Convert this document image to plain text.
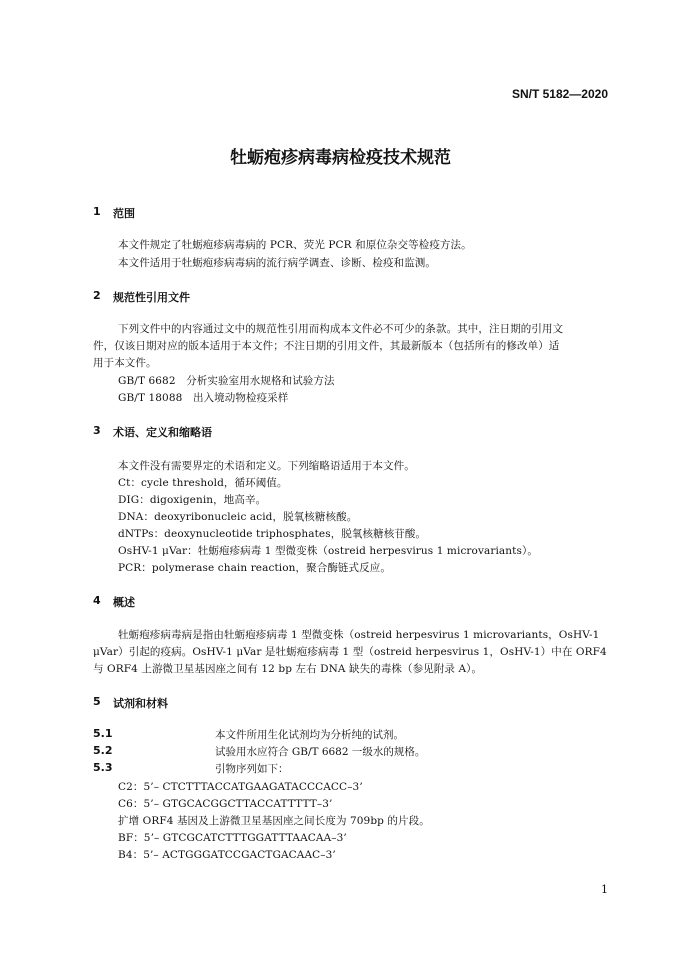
SN/T 5182—2020
牡蛎疱疹病毒病检疫技术规范
1 范围
本文件规定了牡蛎疱疹病毒病的 PCR、荧光 PCR 和原位杂交等检疫方法。
本文件适用于牡蛎疱疹病毒病的流行病学调查、诊断、检疫和监测。
2 规范性引用文件
下列文件中的内容通过文中的规范性引用而构成本文件必不可少的条款。其中，注日期的引用文
件，仅该日期对应的版本适用于本文件；不注日期的引用文件，其最新版本（包括所有的修改单）适
用于本文件。
GB/T 6682　分析实验室用水规格和试验方法
GB/T 18088　出入境动物检疫采样
3 术语、定义和缩略语
本文件没有需要界定的术语和定义。下列缩略语适用于本文件。
Ct：cycle threshold，循环阈值。
DIG：digoxigenin，地高辛。
DNA：deoxyribonucleic acid，脱氧核糖核酸。
dNTPs：deoxynucleotide triphosphates，脱氧核糖核苷酸。
OsHV-1 μVar：牡蛎疱疹病毒 1 型微变株（ostreid herpesvirus 1 microvariants）。
PCR：polymerase chain reaction，聚合酶链式反应。
4 概述
牡蛎疱疹病毒病是指由牡蛎疱疹病毒 1 型微变株（ostreid herpesvirus 1 microvariants，OsHV-1
μVar）引起的疫病。OsHV-1 μVar 是牡蛎疱疹病毒 1 型（ostreid herpesvirus 1，OsHV-1）中在 ORF4
与 ORF4 上游微卫星基因座之间有 12 bp 左右 DNA 缺失的毒株（参见附录 A）。
5 试剂和材料
5.1	本文件所用生化试剂均为分析纯的试剂。
5.2	试验用水应符合 GB/T 6682 一级水的规格。
5.3	引物序列如下：
C2：5’– CTCTTTACCATGAAGATACCCACC–3’
C6：5’– GTGCACGGCTTACCATTTTT–3’
扩增 ORF4 基因及上游微卫星基因座之间长度为 709bp 的片段。
BF：5’– GTCGCATCTTTGGATTTAACAA–3’
B4：5’– ACTGGGATCCGACTGACAAC–3’
1
